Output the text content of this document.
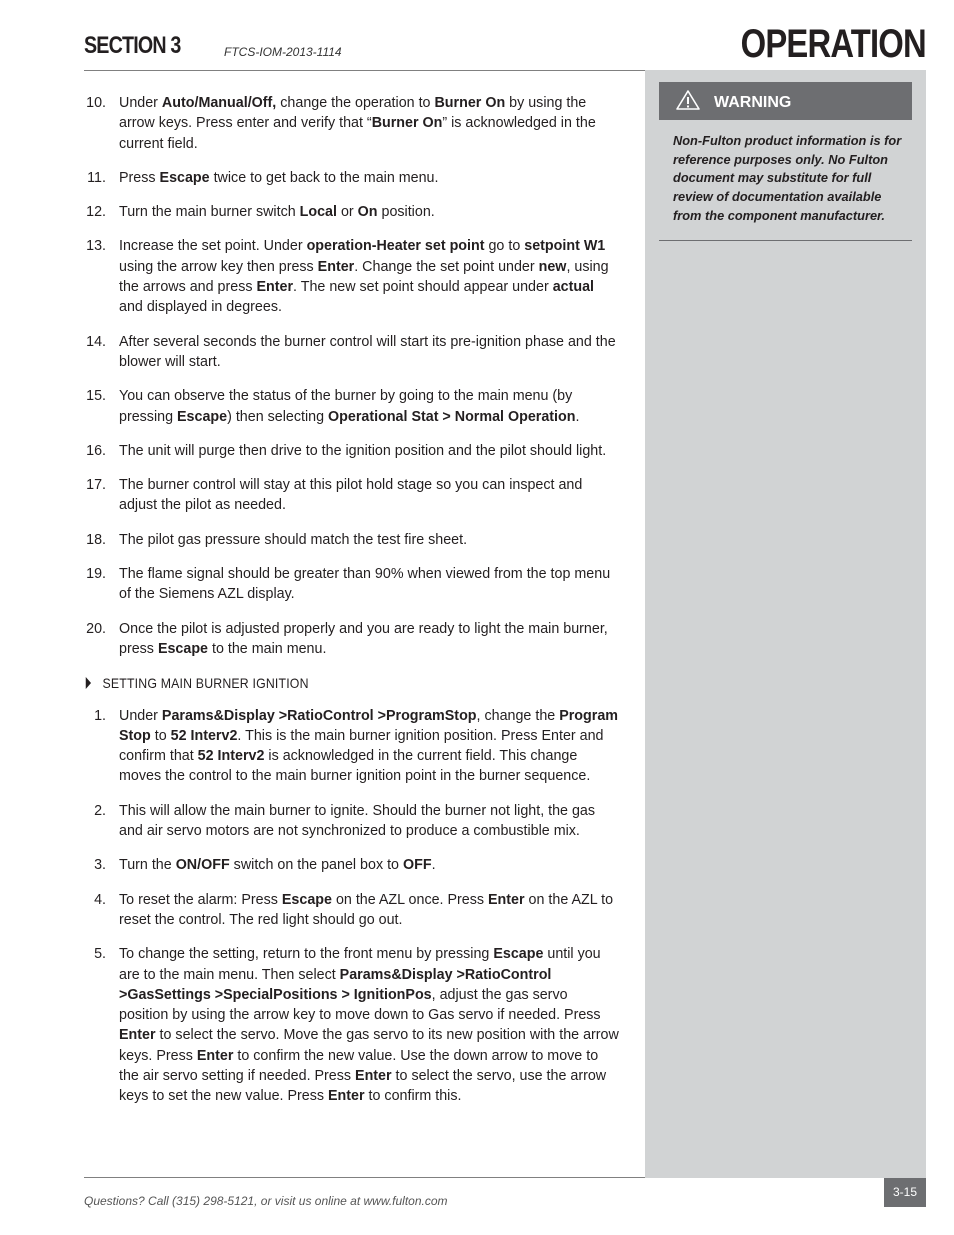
SECTION 3	FTCS-IOM-2013-1114	OPERATION
WARNING
Non-Fulton product information is for reference purposes only. No Fulton document may substitute for full review of documentation available from the component manufacturer.
10. Under Auto/Manual/Off, change the operation to Burner On by using the arrow keys. Press enter and verify that “Burner On” is acknowledged in the current field.
11. Press Escape twice to get back to the main menu.
12. Turn the main burner switch Local or On position.
13. Increase the set point. Under operation-Heater set point go to setpoint W1 using the arrow key then press Enter. Change the set point under new, using the arrows and press Enter. The new set point should appear under actual and displayed in degrees.
14. After several seconds the burner control will start its pre-ignition phase and the blower will start.
15. You can observe the status of the burner by going to the main menu (by pressing Escape) then selecting Operational Stat > Normal Operation.
16. The unit will purge then drive to the ignition position and the pilot should light.
17. The burner control will stay at this pilot hold stage so you can inspect and adjust the pilot as needed.
18. The pilot gas pressure should match the test fire sheet.
19. The flame signal should be greater than 90% when viewed from the top menu of the Siemens AZL display.
20. Once the pilot is adjusted properly and you are ready to light the main burner, press Escape to the main menu.
SETTING MAIN BURNER IGNITION
1. Under Params&Display >RatioControl >ProgramStop, change the Program Stop to 52 Interv2. This is the main burner ignition position. Press Enter and confirm that 52 Interv2 is acknowledged in the current field. This change moves the control to the main burner ignition point in the burner sequence.
2. This will allow the main burner to ignite. Should the burner not light, the gas and air servo motors are not synchronized to produce a combustible mix.
3. Turn the ON/OFF switch on the panel box to OFF.
4. To reset the alarm: Press Escape on the AZL once. Press Enter on the AZL to reset the control. The red light should go out.
5. To change the setting, return to the front menu by pressing Escape until you are to the main menu. Then select Params&Display >RatioControl >GasSettings >SpecialPositions > IgnitionPos, adjust the gas servo position by using the arrow key to move down to Gas servo if needed. Press Enter to select the servo. Move the gas servo to its new position with the arrow keys. Press Enter to confirm the new value. Use the down arrow to move to the air servo setting if needed. Press Enter to select the servo, use the arrow keys to set the new value. Press Enter to confirm this.
Questions? Call (315) 298-5121, or visit us online at www.fulton.com
3-15
